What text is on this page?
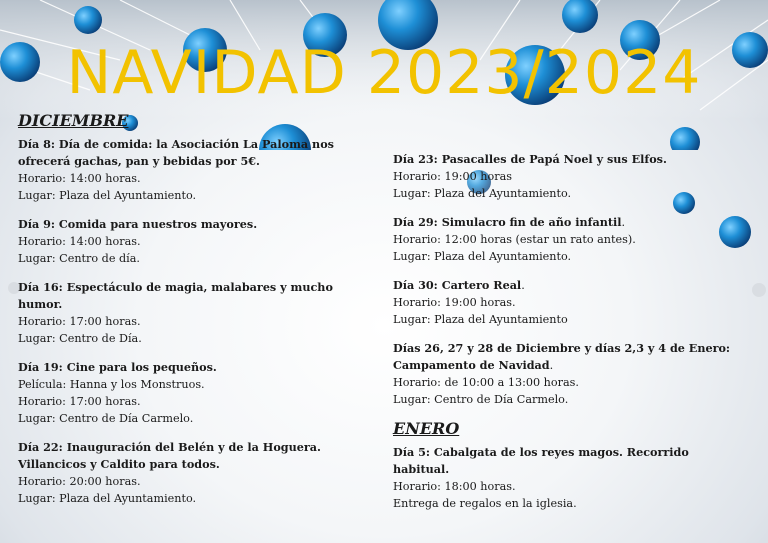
NAVIDAD 2023/2024
DICIEMBRE
Día 8: Día de comida: la Asociación La Paloma nos ofrecerá gachas, pan y bebidas por 5€.
Horario: 14:00 horas.
Lugar: Plaza del Ayuntamiento.
Día 9: Comida para nuestros mayores.
Horario: 14:00 horas.
Lugar: Centro de día.
Día 16: Espectáculo de magia, malabares y mucho humor.
Horario: 17:00 horas.
Lugar: Centro de Día.
Día 19: Cine para los pequeños.
Película: Hanna y los Monstruos.
Horario: 17:00 horas.
Lugar: Centro de Día Carmelo.
Día 22: Inauguración del Belén y de la Hoguera. Villancicos y Caldito para todos.
Horario: 20:00 horas.
Lugar: Plaza del Ayuntamiento.
Día 23: Pasacalles de Papá Noel y sus Elfos.
Horario: 19:00 horas
Lugar: Plaza del Ayuntamiento.
Día 29: Simulacro fin de año infantil.
Horario: 12:00 horas (estar un rato antes).
Lugar: Plaza del Ayuntamiento.
Día 30: Cartero Real.
Horario: 19:00 horas.
Lugar: Plaza del Ayuntamiento
Días 26, 27 y 28 de Diciembre y días 2,3 y 4 de Enero: Campamento de Navidad.
Horario: de 10:00 a 13:00 horas.
Lugar: Centro de Día Carmelo.
ENERO
Día 5: Cabalgata de los reyes magos. Recorrido habitual.
Horario: 18:00 horas.
Entrega de regalos en la iglesia.
